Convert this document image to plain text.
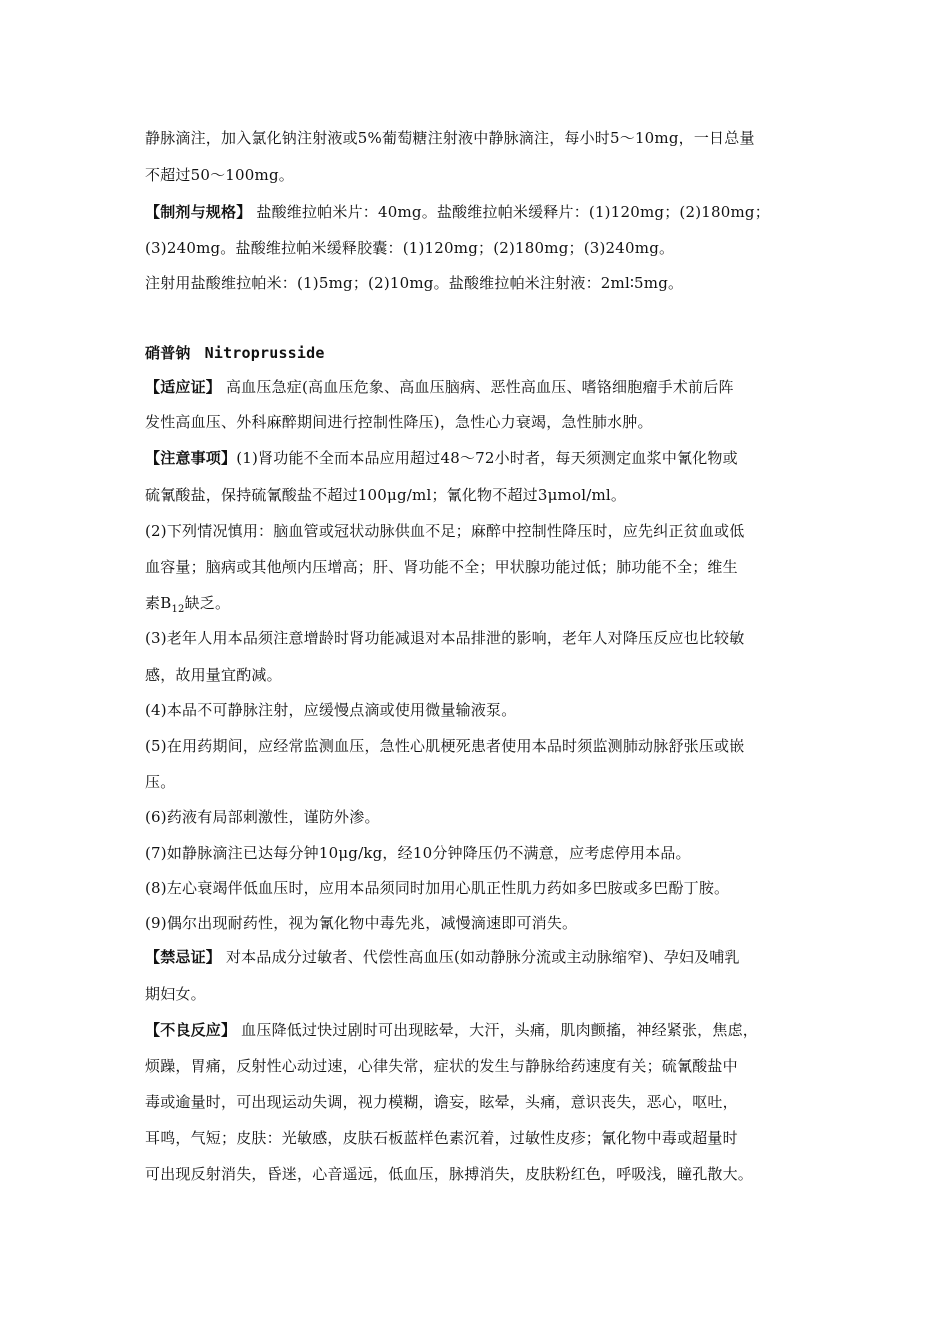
静脉滴注，加入氯化钠注射液或5%葡萄糖注射液中静脉滴注，每小时5～10mg，一日总量
不超过50～100mg。
【制剂与规格】 盐酸维拉帕米片：40mg。盐酸维拉帕米缓释片：(1)120mg；(2)180mg；
(3)240mg。盐酸维拉帕米缓释胶囊：(1)120mg；(2)180mg；(3)240mg。
注射用盐酸维拉帕米：(1)5mg；(2)10mg。盐酸维拉帕米注射液：2ml∶5mg。
硝普钠 Nitroprusside
【适应证】 高血压急症(高血压危象、高血压脑病、恶性高血压、嗜铬细胞瘤手术前后阵
发性高血压、外科麻醉期间进行控制性降压)，急性心力衰竭，急性肺水肿。
【注意事项】(1)肾功能不全而本品应用超过48～72小时者，每天须测定血浆中氰化物或
硫氰酸盐，保持硫氰酸盐不超过100μg/ml；氰化物不超过3μmol/ml。
(2)下列情况慎用：脑血管或冠状动脉供血不足；麻醉中控制性降压时，应先纠正贫血或低
血容量；脑病或其他颅内压增高；肝、肾功能不全；甲状腺功能过低；肺功能不全；维生
素$B_{12}$缺乏。
(3)老年人用本品须注意增龄时肾功能减退对本品排泄的影响，老年人对降压反应也比较敏
感，故用量宜酌减。
(4)本品不可静脉注射，应缓慢点滴或使用微量输液泵。
(5)在用药期间，应经常监测血压，急性心肌梗死患者使用本品时须监测肺动脉舒张压或嵌
压。
(6)药液有局部刺激性，谨防外渗。
(7)如静脉滴注已达每分钟10μg/kg，经10分钟降压仍不满意，应考虑停用本品。
(8)左心衰竭伴低血压时，应用本品须同时加用心肌正性肌力药如多巴胺或多巴酚丁胺。
(9)偶尔出现耐药性，视为氰化物中毒先兆，减慢滴速即可消失。
【禁忌证】 对本品成分过敏者、代偿性高血压(如动静脉分流或主动脉缩窄)、孕妇及哺乳
期妇女。
【不良反应】 血压降低过快过剧时可出现眩晕，大汗，头痛，肌肉颤搐，神经紧张，焦虑，
烦躁，胃痛，反射性心动过速，心律失常，症状的发生与静脉给药速度有关；硫氰酸盐中
毒或逾量时，可出现运动失调，视力模糊，谵妄，眩晕，头痛，意识丧失，恶心，呕吐，
耳鸣，气短；皮肤：光敏感，皮肤石板蓝样色素沉着，过敏性皮疹；氰化物中毒或超量时
可出现反射消失，昏迷，心音遥远，低血压，脉搏消失，皮肤粉红色，呼吸浅，瞳孔散大。
